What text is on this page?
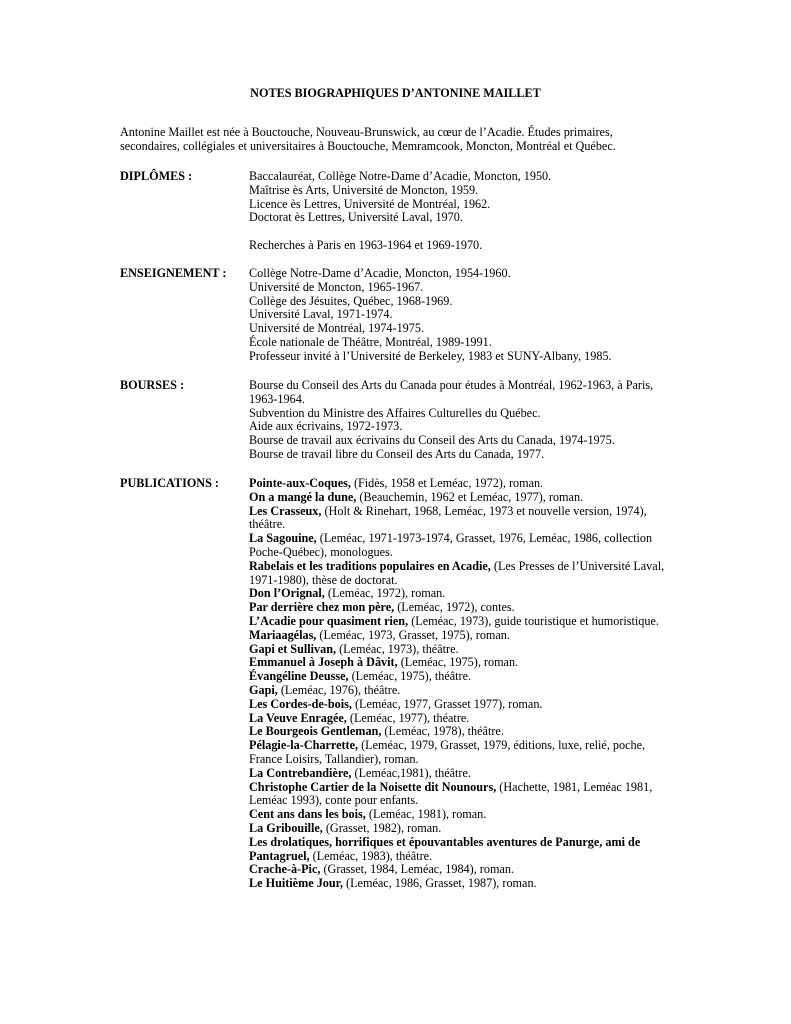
NOTES BIOGRAPHIQUES D’ANTONINE MAILLET

Antonine Maillet est née à Bouctouche, Nouveau-Brunswick, au cœur de l’Acadie. Études primaires,

secondaires, collégiales et universitaires à Bouctouche, Memramcook, Moncton, Montréal et Québec.

DIPLÔMES :	Baccalauréat, Collège Notre-Dame d’Acadie, Moncton, 1950.
Maîtrise ès Arts, Université de Moncton, 1959.
Licence ès Lettres, Université de Montréal, 1962.
Doctorat ès Lettres, Université Laval, 1970.
Recherches à Paris en 1963-1964 et 1969-1970.
ENSEIGNEMENT :	Collège Notre-Dame d’Acadie, Moncton, 1954-1960.
Université de Moncton, 1965-1967.
Collège des Jésuites, Québec, 1968-1969.
Université Laval, 1971-1974.
Université de Montréal, 1974-1975.
École nationale de Théâtre, Montréal, 1989-1991.
Professeur invité à l’Université de Berkeley, 1983 et SUNY-Albany, 1985.
BOURSES :	Bourse du Conseil des Arts du Canada pour études à Montréal, 1962-1963, à Paris,
1963-1964.
Subvention du Ministre des Affaires Culturelles du Québec.
Aide aux écrivains, 1972-1973.
Bourse de travail aux écrivains du Conseil des Arts du Canada, 1974-1975.
Bourse de travail libre du Conseil des Arts du Canada, 1977.
PUBLICATIONS :	Pointe-aux-Coques, (Fidès, 1958 et Leméac, 1972), roman.
On a mangé la dune, (Beauchemin, 1962 et Leméac, 1977), roman.
Les Crasseux, (Holt & Rinehart, 1968, Leméac, 1973 et nouvelle version, 1974),
théâtre.
La Sagouine, (Leméac, 1971-1973-1974, Grasset, 1976, Leméac, 1986, collection
Poche-Québec), monologues.
Rabelais et les traditions populaires en Acadie, (Les Presses de l’Université Laval,
1971-1980), thèse de doctorat.
Don l’Orignal, (Leméac, 1972), roman.
Par derrière chez mon père, (Leméac, 1972), contes.
L’Acadie pour quasiment rien, (Leméac, 1973), guide touristique et humoristique.
Mariaagélas, (Leméac, 1973, Grasset, 1975), roman.
Gapi et Sullivan, (Leméac, 1973), théâtre.
Emmanuel à Joseph à Dâvit, (Leméac, 1975), roman.
Évangéline Deusse, (Leméac, 1975), théâtre.
Gapi, (Leméac, 1976), théâtre.
Les Cordes-de-bois, (Leméac, 1977, Grasset 1977), roman.
La Veuve Enragée, (Leméac, 1977), théatre.
Le Bourgeois Gentleman, (Leméac, 1978), théâtre.
Pélagie-la-Charrette, (Leméac, 1979, Grasset, 1979, éditions, luxe, relié, poche,
France Loisirs, Tallandier), roman.
La Contrebandière, (Leméac,1981), théâtre.
Christophe Cartier de la Noisette dit Nounours, (Hachette, 1981, Leméac 1981,
Leméac 1993), conte pour enfants.
Cent ans dans les bois, (Leméac, 1981), roman.
La Gribouille, (Grasset, 1982), roman.
Les drolatiques, horrifiques et épouvantables aventures de Panurge, ami de
Pantagruel, (Leméac, 1983), théâtre.
Crache-à-Pic, (Grasset, 1984, Leméac, 1984), roman.
Le Huitième Jour, (Leméac, 1986, Grasset, 1987), roman.
